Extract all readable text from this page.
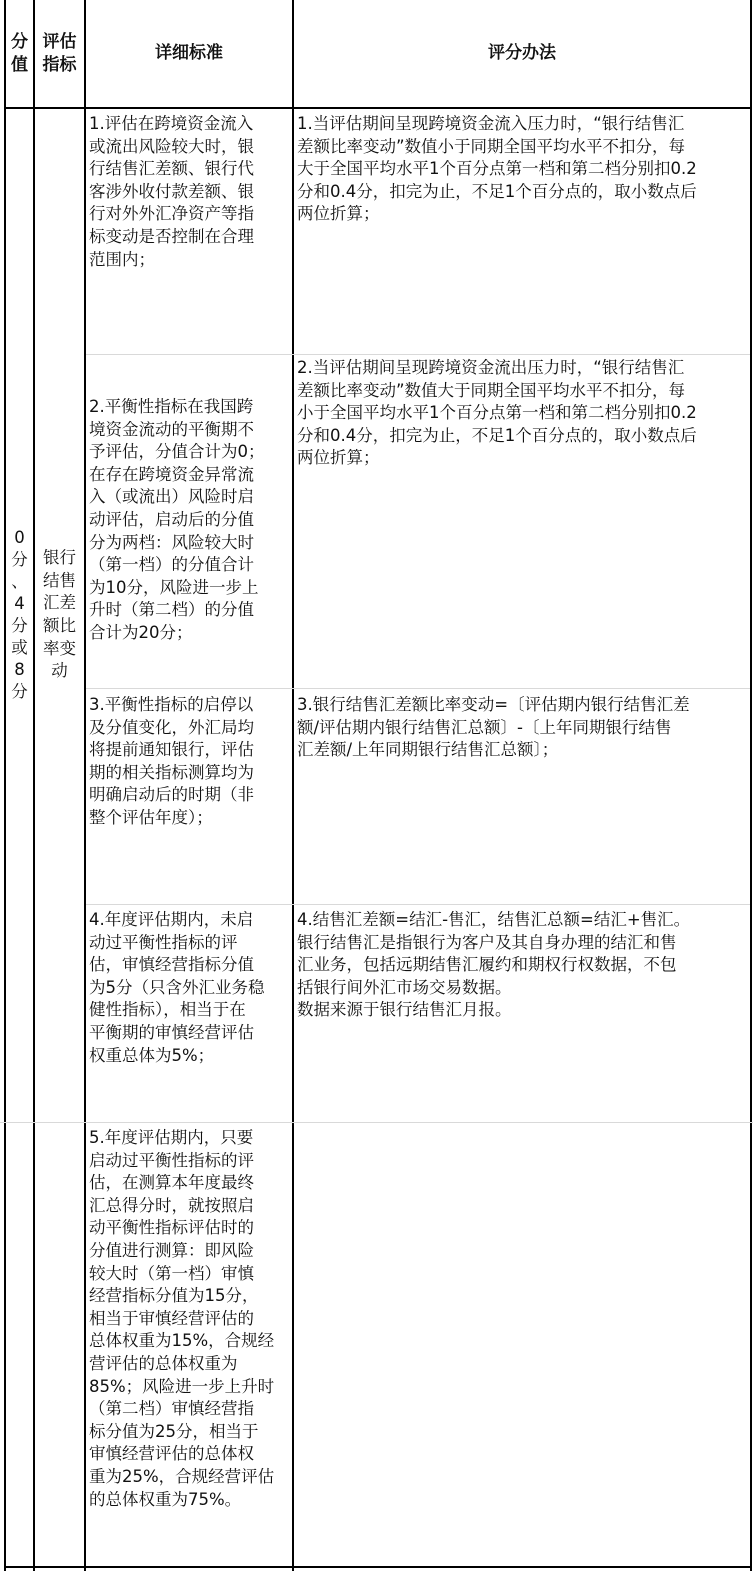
分
值
评估
指标
详细标准	评分办法
0
分
、
4
分
或
8
分
银行
结售
汇差
额比
率变
动
1.评估在跨境资金流入
或流出风险较大时，银
行结售汇差额、银行代
客涉外收付款差额、银
行对外外汇净资产等指
标变动是否控制在合理
范围内；
1.当评估期间呈现跨境资金流入压力时，“银行结售汇
差额比率变动”数值小于同期全国平均水平不扣分，每
大于全国平均水平1个百分点第一档和第二档分别扣0.2
分和0.4分，扣完为止，不足1个百分点的，取小数点后
两位折算；
2.平衡性指标在我国跨
境资金流动的平衡期不
予评估，分值合计为0；
在存在跨境资金异常流
入（或流出）风险时启
动评估，启动后的分值
分为两档：风险较大时
（第一档）的分值合计
为10分，风险进一步上
升时（第二档）的分值
合计为20分；
2.当评估期间呈现跨境资金流出压力时，“银行结售汇
差额比率变动”数值大于同期全国平均水平不扣分，每
小于全国平均水平1个百分点第一档和第二档分别扣0.2
分和0.4分，扣完为止，不足1个百分点的，取小数点后
两位折算；
3.平衡性指标的启停以
及分值变化，外汇局均
将提前通知银行，评估
期的相关指标测算均为
明确启动后的时期（非
整个评估年度）；
3.银行结售汇差额比率变动=〔评估期内银行结售汇差
额/评估期内银行结售汇总额〕-〔上年同期银行结售
汇差额/上年同期银行结售汇总额〕；
4.年度评估期内，未启
动过平衡性指标的评
估，审慎经营指标分值
为5分（只含外汇业务稳
健性指标），相当于在
平衡期的审慎经营评估
权重总体为5%；
4.结售汇差额=结汇-售汇，结售汇总额=结汇+售汇。
银行结售汇是指银行为客户及其自身办理的结汇和售
汇业务，包括远期结售汇履约和期权行权数据，不包
括银行间外汇市场交易数据。
数据来源于银行结售汇月报。
5.年度评估期内，只要
启动过平衡性指标的评
估，在测算本年度最终
汇总得分时，就按照启
动平衡性指标评估时的
分值进行测算：即风险
较大时（第一档）审慎
经营指标分值为15分，
相当于审慎经营评估的
总体权重为15%，合规经
营评估的总体权重为
85%；风险进一步上升时
（第二档）审慎经营指
标分值为25分，相当于
审慎经营评估的总体权
重为25%，合规经营评估
的总体权重为75%。
